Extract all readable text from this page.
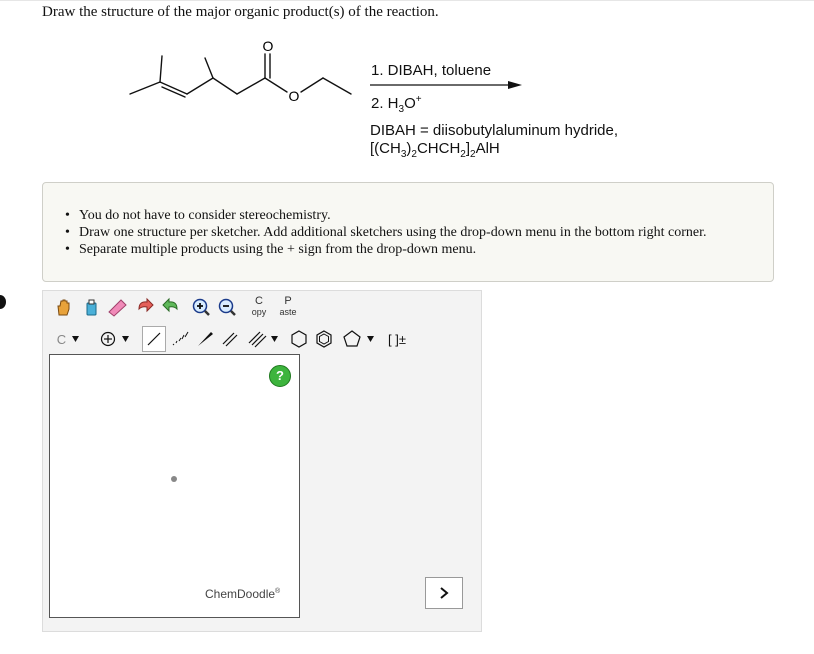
Draw the structure of the major organic product(s) of the reaction.
O
O
1. DIBAH, toluene
2. $H_3O^+$
DIBAH = diisobutylaluminum hydride,
$[(CH_3)_2CHCH_2]_2AlH$
• You do not have to consider stereochemistry.
• Draw one structure per sketcher. Add additional sketchers using the drop-down menu in the bottom right corner.
• Separate multiple products using the + sign from the drop-down menu.
C
opy
P
aste
C	[ ]±
?
ChemDoodle®
